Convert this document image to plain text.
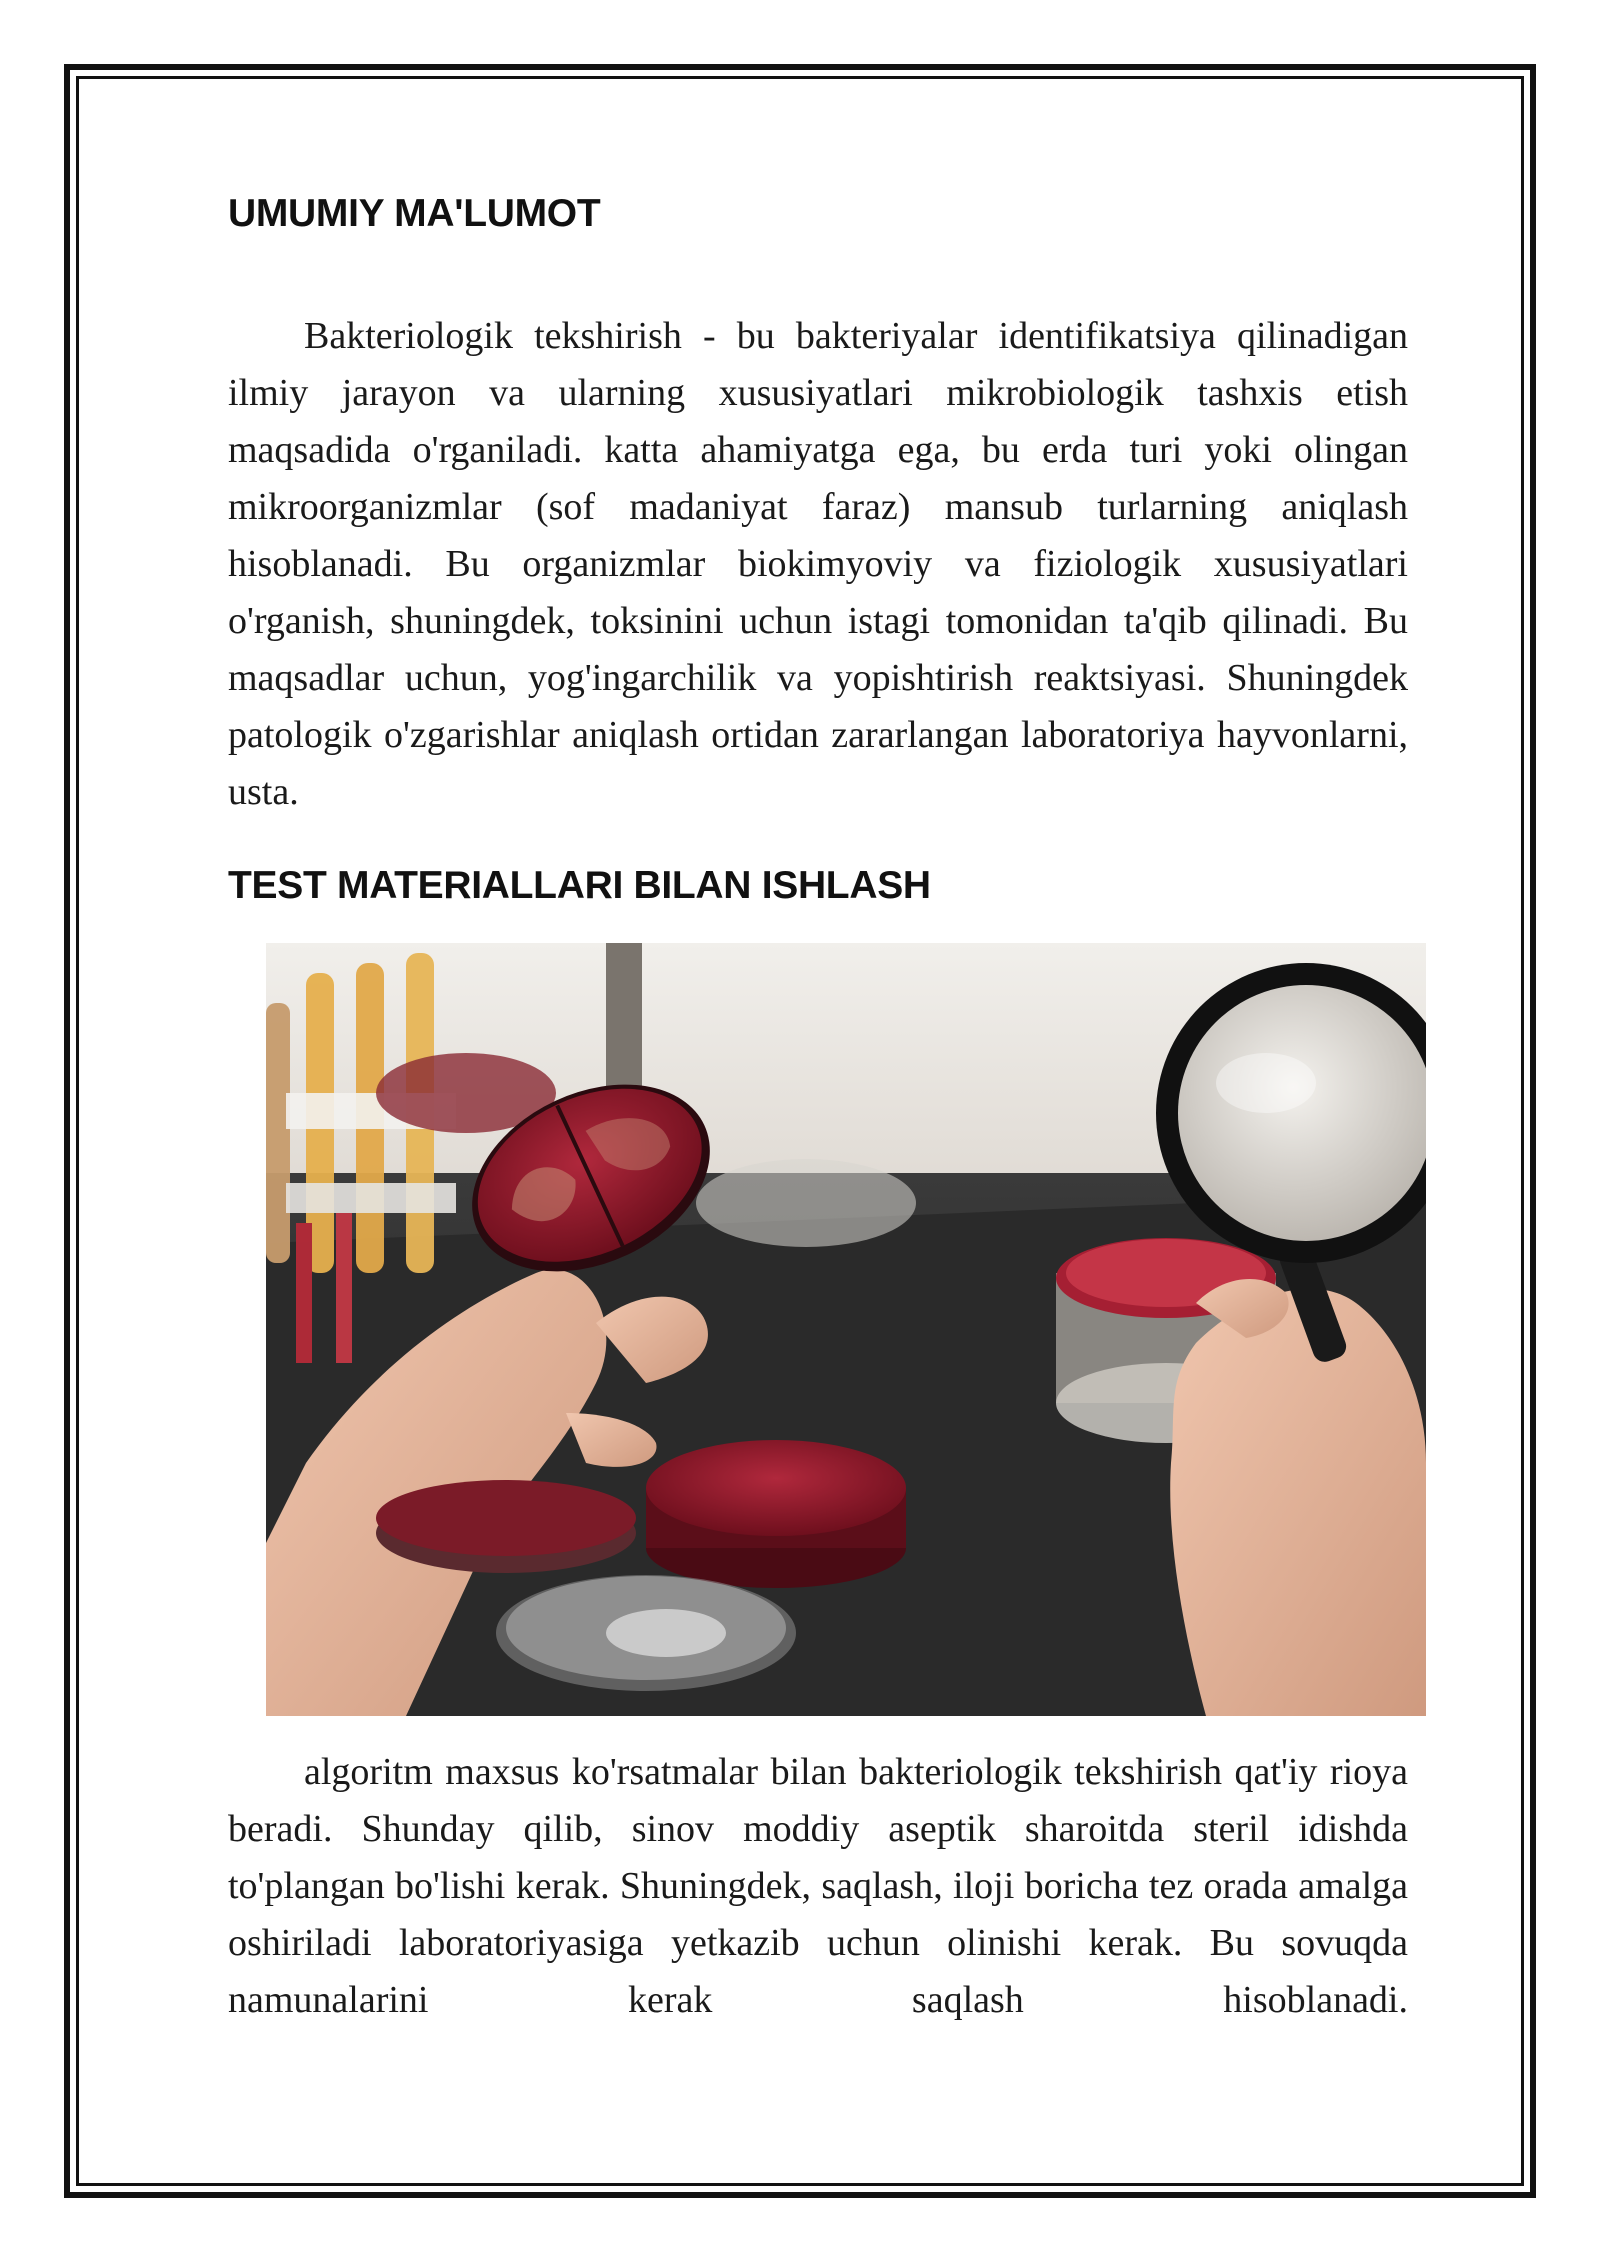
UMUMIY MA'LUMOT

Bakteriologik tekshirish - bu bakteriyalar identifikatsiya qilinadigan ilmiy jarayon va ularning xususiyatlari mikrobiologik tashxis etish maqsadida o'rganiladi. katta ahamiyatga ega, bu erda turi yoki olingan mikroorganizmlar (sof madaniyat faraz) mansub turlarning aniqlash hisoblanadi. Bu organizmlar biokimyoviy va fiziologik xususiyatlari o'rganish, shuningdek, toksinini uchun istagi tomonidan ta'qib qilinadi. Bu maqsadlar uchun, yog'ingarchilik va yopishtirish reaktsiyasi. Shuningdek patologik o'zgarishlar aniqlash ortidan zararlangan laboratoriya hayvonlarni, usta.

TEST MATERIALLARI BILAN ISHLASH

algoritm maxsus ko'rsatmalar bilan bakteriologik tekshirish qat'iy rioya beradi. Shunday qilib, sinov moddiy aseptik sharoitda steril idishda to'plangan bo'lishi kerak. Shuningdek, saqlash, iloji boricha tez orada amalga oshiriladi laboratoriyasiga yetkazib uchun olinishi kerak. Bu sovuqda namunalarini kerak saqlash hisoblanadi.
